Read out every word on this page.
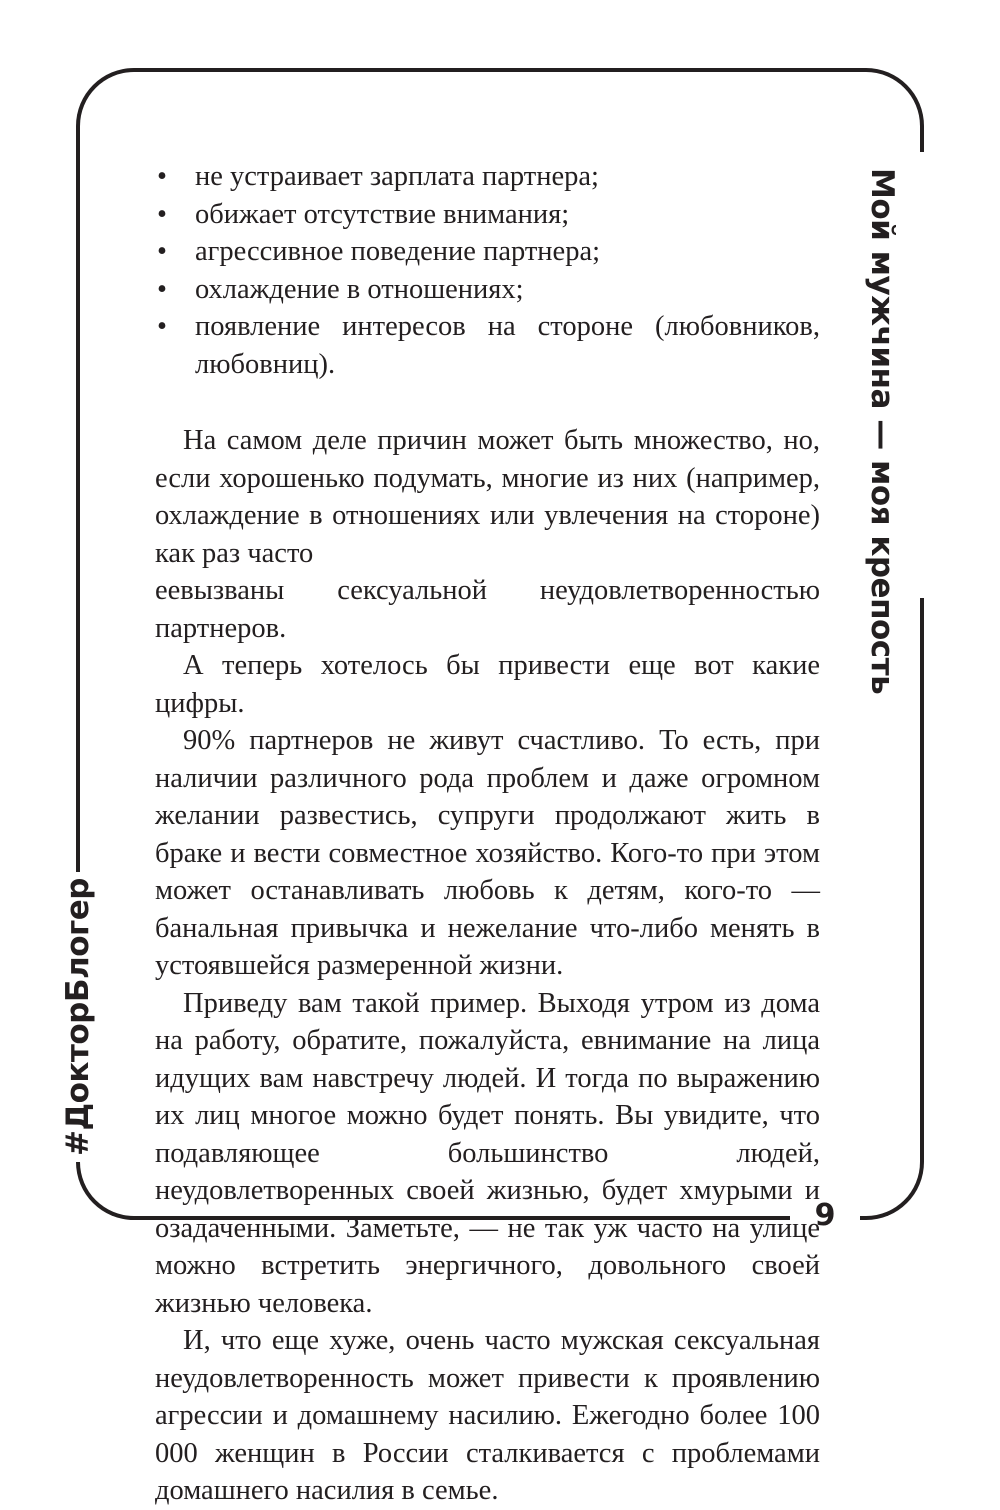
Мой мужчина — моя крепость
#ДокторБлогер
9
• не устраивает зарплата партнера;
• обижает отсутствие внимания;
• агрессивное поведение партнера;
• охлаждение в отношениях;
• появление интересов на стороне (любовников, любовниц).

На самом деле причин может быть множество, но, если хорошенько подумать, многие из них (например, охлаждение в отношениях или увлечения на стороне) как раз часто

еевызваны сексуальной неудовлетворенностью партнеров.

А теперь хотелось бы привести еще вот какие цифры.

90% партнеров не живут счастливо. То есть, при наличии различного рода проблем и даже огромном желании развестись, супруги продолжают жить в браке и вести совместное хозяйство. Кого-то при этом может останавливать любовь к детям, кого-то — банальная привычка и нежелание что-либо менять в устоявшейся размеренной жизни.

Приведу вам такой пример. Выходя утром из дома на работу, обратите, пожалуйста, евнимание на лица идущих вам навстречу людей. И тогда по выражению их лиц многое можно будет понять. Вы увидите, что подавляющее большинство людей, неудовлетворенных своей жизнью, будет хмурыми и озадаченными. Заметьте, — не так уж часто на улице можно встретить энергичного, довольного своей жизнью человека.

И, что еще хуже, очень часто мужская сексуальная неудовлетворенность может привести к проявлению агрессии и домашнему насилию. Ежегодно более 100 000 женщин в России сталкивается с проблемами домашнего насилия в семье.
